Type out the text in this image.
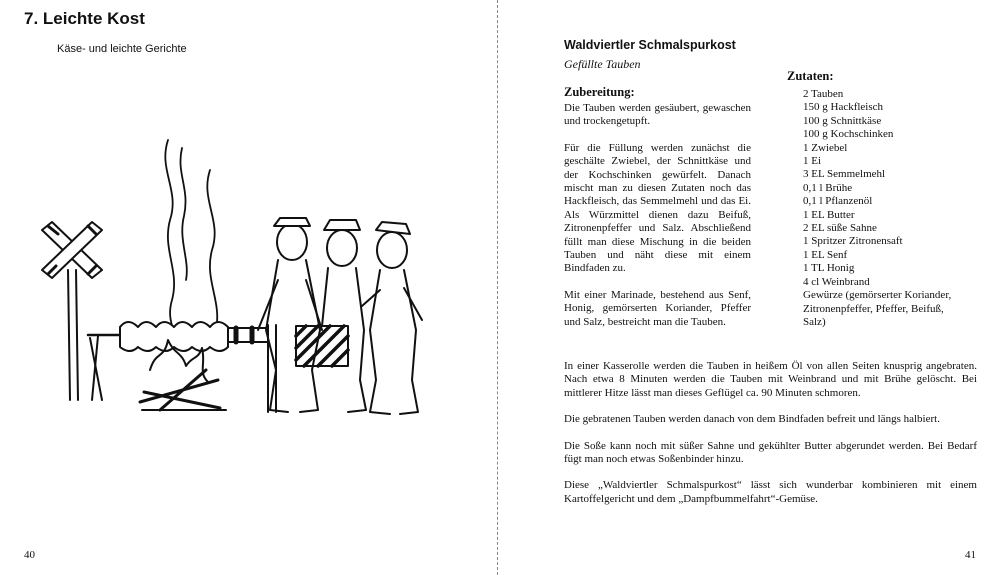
7. Leichte Kost
Käse- und leichte Gerichte
40
Waldviertler Schmalspurkost
Gefüllte Tauben
Zutaten:
Zubereitung:	2 Tauben
150 g Hackfleisch
100 g Schnittkäse
100 g Kochschinken
1 Zwiebel
1 Ei
3 EL Semmelmehl
0,1 l Brühe
0,1 l Pflanzenöl
1 EL Butter
2 EL süße Sahne
1 Spritzer Zitronensaft
1 EL Senf
1 TL Honig
4 cl Weinbrand
Gewürze (gemörserter Koriander,
Zitronenpfeffer, Pfeffer, Beifuß,
Salz)

Die Tauben werden gesäubert, gewaschen und trockengetupft.

Für die Füllung werden zunächst die geschälte Zwiebel, der Schnittkäse und der Kochschinken gewürfelt. Danach mischt man zu diesen Zutaten noch das Hackfleisch, das Semmelmehl und das Ei. Als Würzmittel dienen dazu Beifuß, Zitronenpfeffer und Salz. Abschließend füllt man diese Mischung in die beiden Tauben und näht diese mit einem Bindfaden zu.

Mit einer Marinade, bestehend aus Senf, Honig, gemörserten Koriander, Pfeffer und Salz, bestreicht man die Tauben.

In einer Kasserolle werden die Tauben in heißem Öl von allen Seiten knusprig angebraten. Nach etwa 8 Minuten werden die Tauben mit Weinbrand und mit Brühe gelöscht. Bei mittlerer Hitze lässt man dieses Geflügel ca. 90 Minuten schmoren.

Die gebratenen Tauben werden danach von dem Bindfaden befreit und längs halbiert.

Die Soße kann noch mit süßer Sahne und gekühlter Butter abgerundet werden. Bei Bedarf fügt man noch etwas Soßenbinder hinzu.

Diese „Waldviertler Schmalspurkost“ lässt sich wunderbar kombinieren mit einem Kartoffelgericht und dem „Dampfbummelfahrt“-Gemüse.

41
